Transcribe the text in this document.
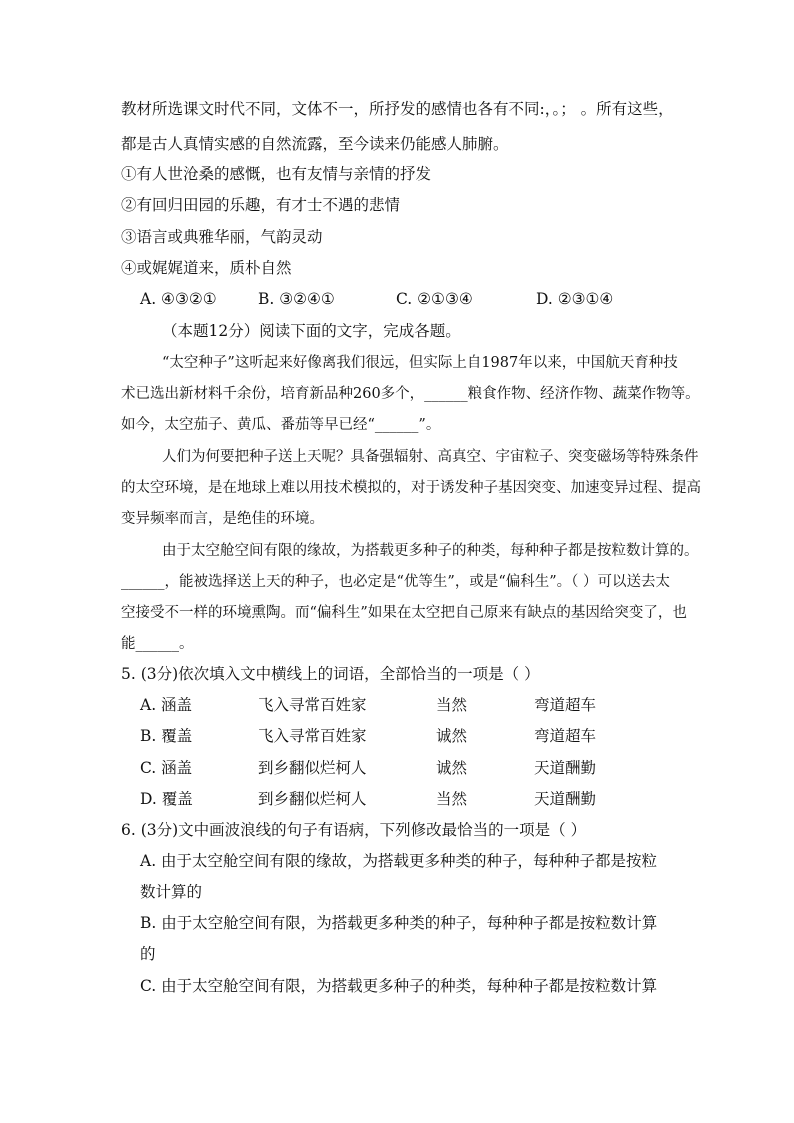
教材所选课文时代不同，文体不一，所抒发的感情也各有不同:，。； 。所有这些，
都是古人真情实感的自然流露，至今读来仍能感人肺腑。
①有人世沧桑的感慨，也有友情与亲情的抒发
②有回归田园的乐趣，有才士不遇的悲情
③语言或典雅华丽，气韵灵动
④或娓娓道来，质朴自然
A. ④③②①	B. ③②④①	C. ②①③④	D. ②③①④
（本题12分）阅读下面的文字，完成各题。
“太空种子”这听起来好像离我们很远，但实际上自1987年以来，中国航天育种技
术已选出新材料千余份，培育新品种260多个，______粮食作物、经济作物、蔬菜作物等。
如今，太空茄子、黄瓜、番茄等早已经“______”。
人们为何要把种子送上天呢？具备强辐射、高真空、宇宙粒子、突变磁场等特殊条件
的太空环境，是在地球上难以用技术模拟的，对于诱发种子基因突变、加速变异过程、提高
变异频率而言，是绝佳的环境。
由于太空舱空间有限的缘故，为搭载更多种子的种类，每种种子都是按粒数计算的。
______，能被选择送上天的种子，也必定是“优等生”，或是“偏科生”。（ ）可以送去太
空接受不一样的环境熏陶。而“偏科生”如果在太空把自己原来有缺点的基因给突变了，也
能______。
5. (3分)依次填入文中横线上的词语，全部恰当的一项是（ ）
A. 涵盖	飞入寻常百姓家	当然	弯道超车
B. 覆盖	飞入寻常百姓家	诚然	弯道超车
C. 涵盖	到乡翻似烂柯人	诚然	天道酬勤
D. 覆盖	到乡翻似烂柯人	当然	天道酬勤
6. (3分)文中画波浪线的句子有语病，下列修改最恰当的一项是（ ）
A. 由于太空舱空间有限的缘故，为搭载更多种类的种子，每种种子都是按粒
数计算的
B. 由于太空舱空间有限，为搭载更多种类的种子，每种种子都是按粒数计算
的
C. 由于太空舱空间有限，为搭载更多种子的种类，每种种子都是按粒数计算
